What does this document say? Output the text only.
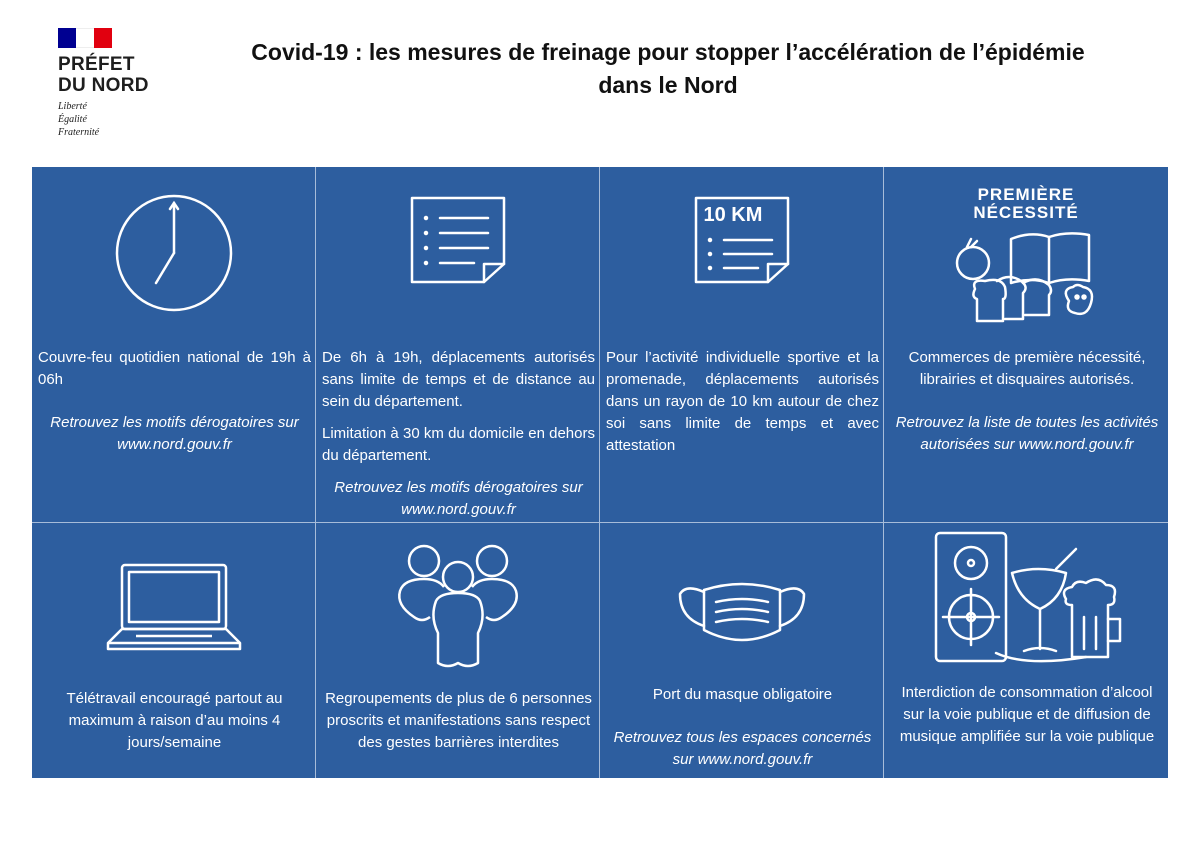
PRÉFET
DU NORD
Liberté
Égalité
Fraternité
Covid-19 : les mesures de freinage pour stopper l’accélération de l’épidémie
dans le Nord
Couvre-feu quotidien national de 19h à 06h
Retrouvez les motifs dérogatoires sur www.nord.gouv.fr
De 6h à 19h, déplacements autorisés sans limite de temps et de distance au sein du département.
Limitation à 30 km du domicile en dehors du département.
Retrouvez les motifs dérogatoires sur www.nord.gouv.fr
10 KM
Pour l’activité individuelle sportive et la promenade, déplacements autorisés dans un rayon de 10 km autour de chez soi sans limite de temps et avec attestation
PREMIÈRE
NÉCESSITÉ
Commerces de première nécessité, librairies et disquaires autorisés.
Retrouvez la liste de toutes les activités autorisées sur www.nord.gouv.fr
Télétravail encouragé partout au maximum à raison d’au moins 4 jours/semaine
Regroupements de plus de 6 personnes proscrits et manifestations sans respect des gestes barrières interdites
Port du masque obligatoire
Retrouvez tous les espaces concernés sur www.nord.gouv.fr
Interdiction de consommation d’alcool sur la voie publique et de diffusion de musique amplifiée sur la voie publique
